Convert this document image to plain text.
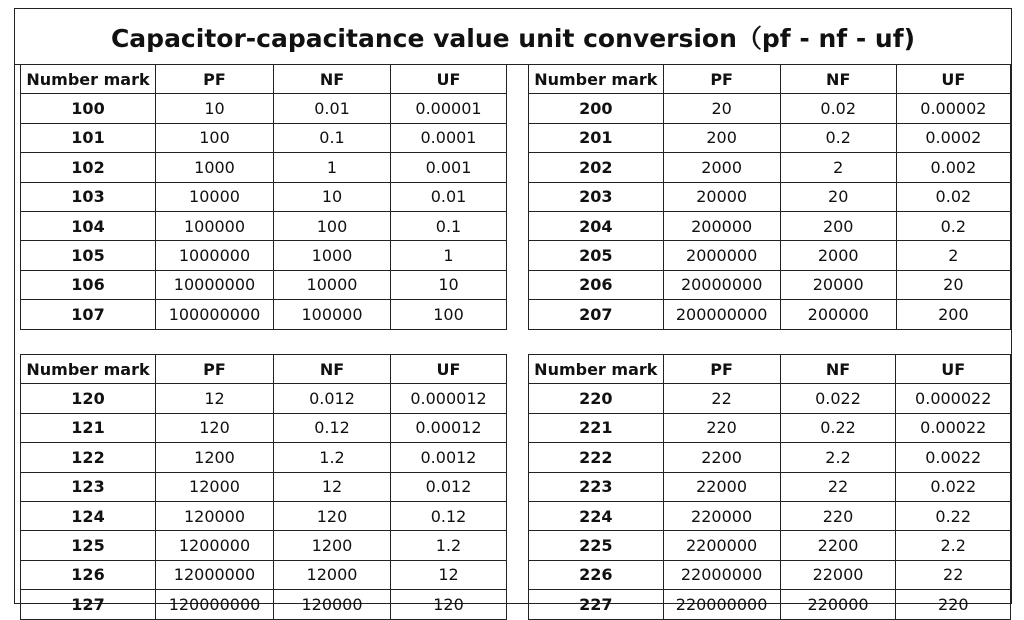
Capacitor-capacitance value unit conversion（pf - nf - uf)
Number mark	PF	NF	UF
100	10	0.01	0.00001
101	100	0.1	0.0001
102	1000	1	0.001
103	10000	10	0.01
104	100000	100	0.1
105	1000000	1000	1
106	10000000	10000	10
107	100000000	100000	100
Number mark	PF	NF	UF
200	20	0.02	0.00002
201	200	0.2	0.0002
202	2000	2	0.002
203	20000	20	0.02
204	200000	200	0.2
205	2000000	2000	2
206	20000000	20000	20
207	200000000	200000	200
Number mark	PF	NF	UF
120	12	0.012	0.000012
121	120	0.12	0.00012
122	1200	1.2	0.0012
123	12000	12	0.012
124	120000	120	0.12
125	1200000	1200	1.2
126	12000000	12000	12
127	120000000	120000	120
Number mark	PF	NF	UF
220	22	0.022	0.000022
221	220	0.22	0.00022
222	2200	2.2	0.0022
223	22000	22	0.022
224	220000	220	0.22
225	2200000	2200	2.2
226	22000000	22000	22
227	220000000	220000	220
